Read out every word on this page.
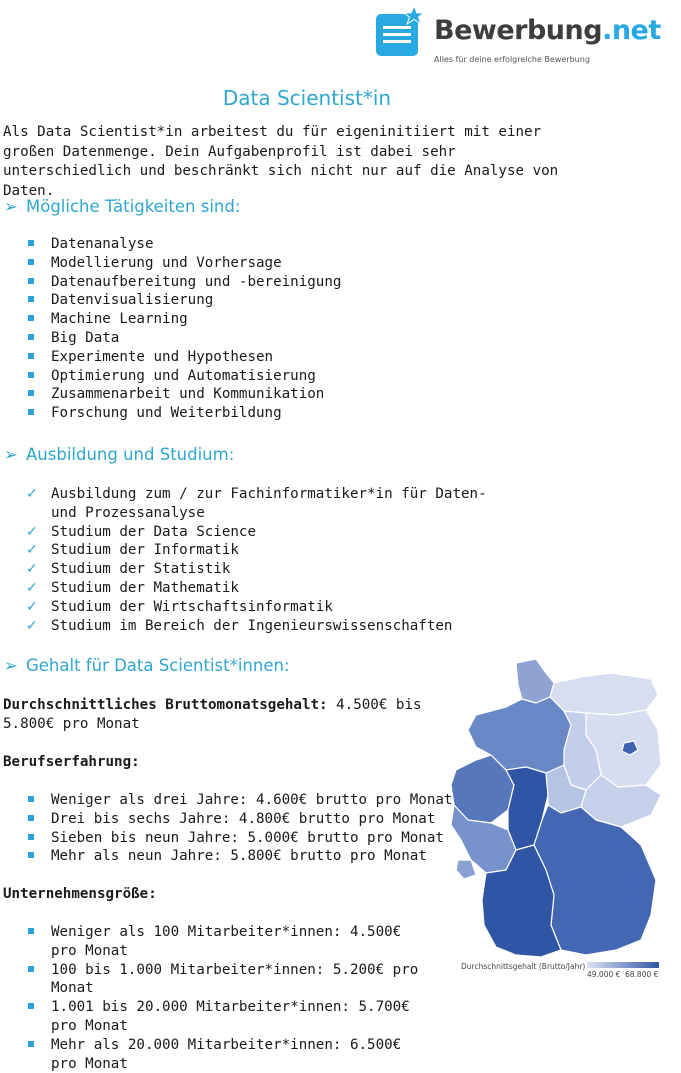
Bewerbung.net
Alles für deine erfolgreiche Bewerbung
Data Scientist*in

Als Data Scientist*in arbeitest du für eigeninitiiert mit einer großen Datenmenge. Dein Aufgabenprofil ist dabei sehr unterschiedlich und beschränkt sich nicht nur auf die Analyse von Daten.

➢ Mögliche Tätigkeiten sind:
Datenanalyse
Modellierung und Vorhersage
Datenaufbereitung und -bereinigung
Datenvisualisierung
Machine Learning
Big Data
Experimente und Hypothesen
Optimierung und Automatisierung
Zusammenarbeit und Kommunikation
Forschung und Weiterbildung
➢ Ausbildung und Studium:
✓ Ausbildung zum / zur Fachinformatiker*in für Daten- und Prozessanalyse
✓ Studium der Data Science
✓ Studium der Informatik
✓ Studium der Statistik
✓ Studium der Mathematik
✓ Studium der Wirtschaftsinformatik
✓ Studium im Bereich der Ingenieurswissenschaften
➢ Gehalt für Data Scientist*innen:

Durchschnittliches Bruttomonatsgehalt: 4.500€ bis 5.800€ pro Monat

Berufserfahrung:

Weniger als drei Jahre: 4.600€ brutto pro Monat
Drei bis sechs Jahre: 4.800€ brutto pro Monat
Sieben bis neun Jahre: 5.000€ brutto pro Monat
Mehr als neun Jahre: 5.800€ brutto pro Monat

Unternehmensgröße:

Weniger als 100 Mitarbeiter*innen: 4.500€ pro Monat
100 bis 1.000 Mitarbeiter*innen: 5.200€ pro Monat
1.001 bis 20.000 Mitarbeiter*innen: 5.700€ pro Monat
Mehr als 20.000 Mitarbeiter*innen: 6.500€ pro Monat
Durchschnittsgehalt (Brutto/Jahr)
49.000 € 68.800 €
